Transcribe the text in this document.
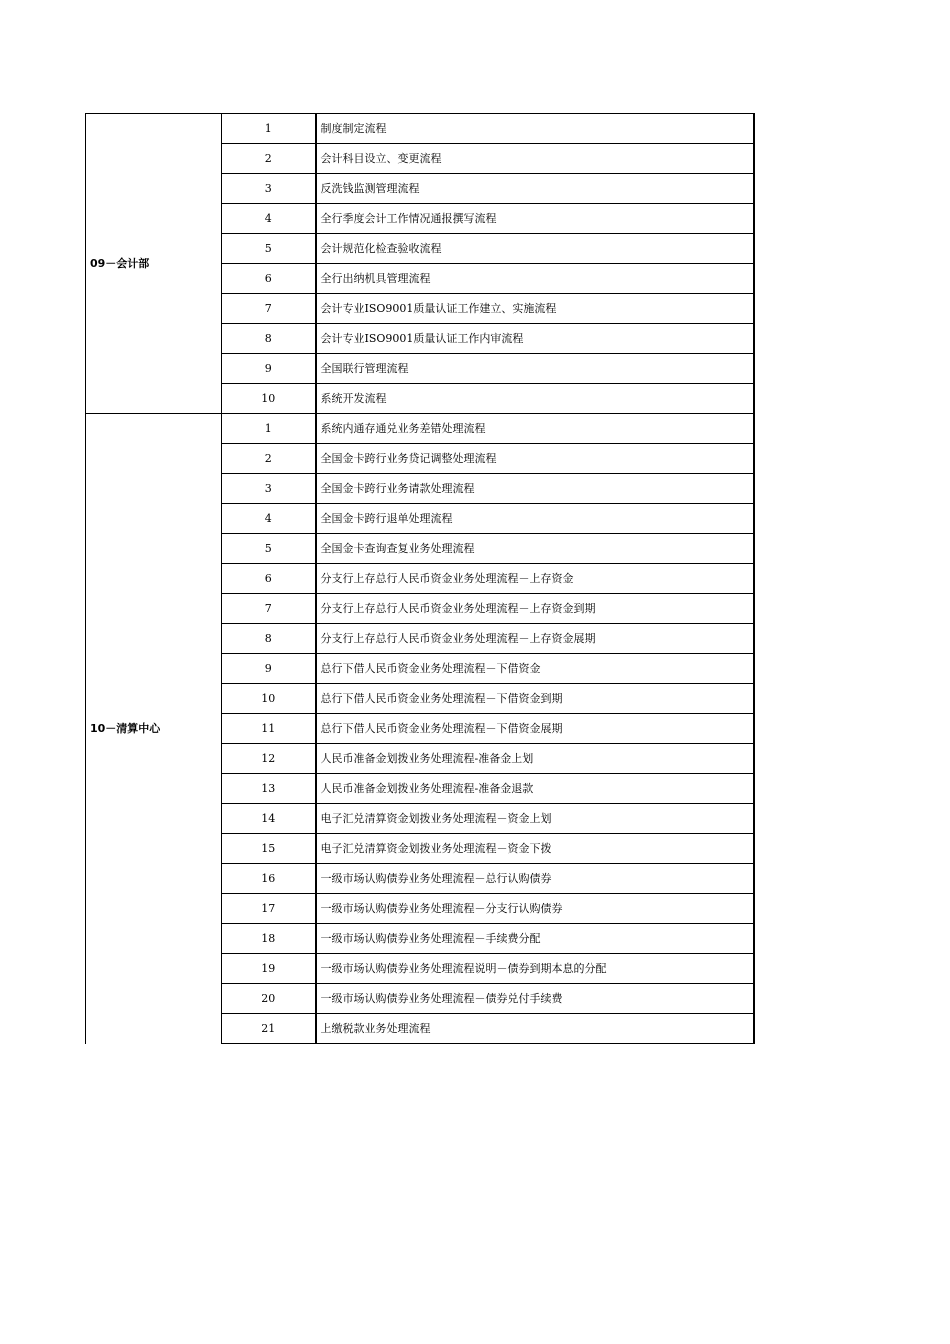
09－会计部	1	制度制定流程
	2	会计科目设立、变更流程
	3	反洗钱监测管理流程
	4	全行季度会计工作情况通报撰写流程
	5	会计规范化检查验收流程
	6	全行出纳机具管理流程
	7	会计专业ISO9001质量认证工作建立、实施流程
	8	会计专业ISO9001质量认证工作内审流程
	9	全国联行管理流程
	10	系统开发流程
10－清算中心	1	系统内通存通兑业务差错处理流程
	2	全国金卡跨行业务贷记调整处理流程
	3	全国金卡跨行业务请款处理流程
	4	全国金卡跨行退单处理流程
	5	全国金卡查询查复业务处理流程
	6	分支行上存总行人民币资金业务处理流程－上存资金
	7	分支行上存总行人民币资金业务处理流程－上存资金到期
	8	分支行上存总行人民币资金业务处理流程－上存资金展期
	9	总行下借人民币资金业务处理流程－下借资金
	10	总行下借人民币资金业务处理流程－下借资金到期
	11	总行下借人民币资金业务处理流程－下借资金展期
	12	人民币准备金划拨业务处理流程-准备金上划
	13	人民币准备金划拨业务处理流程-准备金退款
	14	电子汇兑清算资金划拨业务处理流程－资金上划
	15	电子汇兑清算资金划拨业务处理流程－资金下拨
	16	一级市场认购债券业务处理流程－总行认购债券
	17	一级市场认购债券业务处理流程－分支行认购债券
	18	一级市场认购债券业务处理流程－手续费分配
	19	一级市场认购债券业务处理流程说明－债券到期本息的分配
	20	一级市场认购债券业务处理流程－债券兑付手续费
	21	上缴税款业务处理流程
